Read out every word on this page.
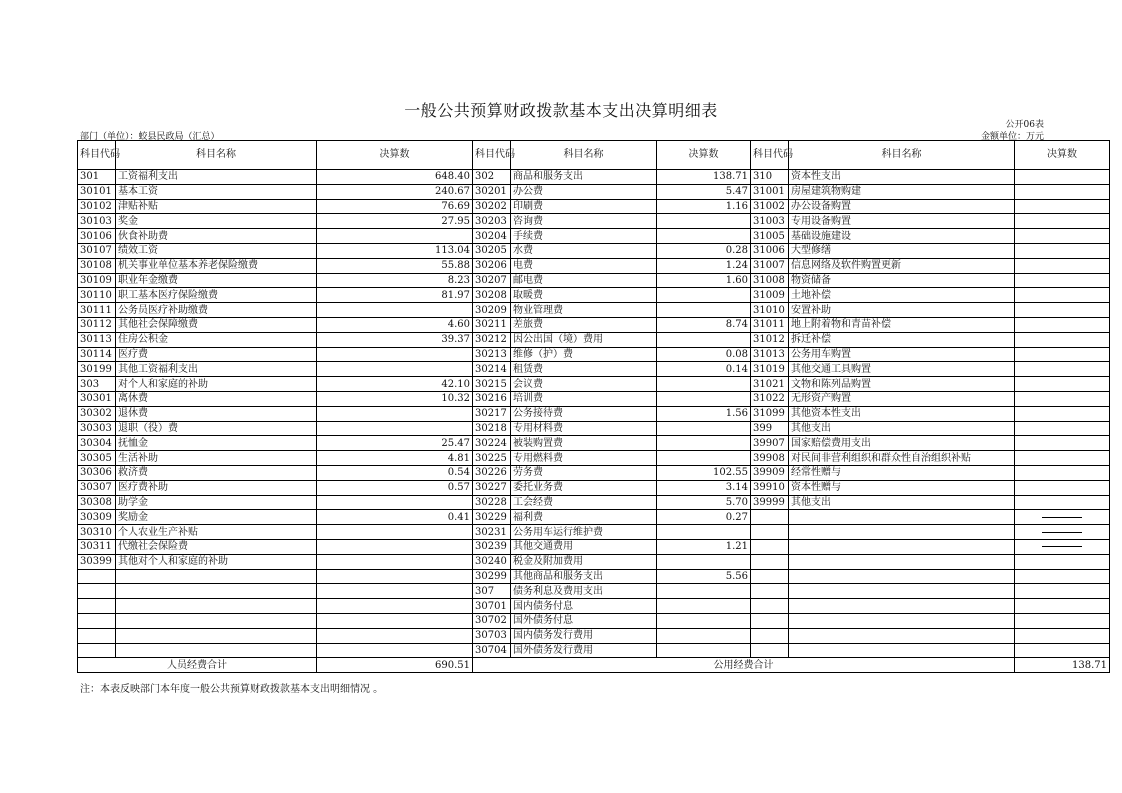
一般公共预算财政拨款基本支出决算明细表
公开06表
部门（单位）：蛟县民政局（汇总）	金额单位：万元
科目代码	科目名称	决算数	科目代码	科目名称	决算数	科目代码	科目名称	决算数
301	工资福利支出	648.40	302	商品和服务支出	138.71	310	资本性支出	
30101	基本工资	240.67	30201	办公费	5.47	31001	房屋建筑物购建	
30102	津贴补贴	76.69	30202	印刷费	1.16	31002	办公设备购置	
30103	奖金	27.95	30203	咨询费		31003	专用设备购置	
30106	伙食补助费		30204	手续费		31005	基础设施建设	
30107	绩效工资	113.04	30205	水费	0.28	31006	大型修缮	
30108	机关事业单位基本养老保险缴费	55.88	30206	电费	1.24	31007	信息网络及软件购置更新	
30109	职业年金缴费	8.23	30207	邮电费	1.60	31008	物资储备	
30110	职工基本医疗保险缴费	81.97	30208	取暖费		31009	土地补偿	
30111	公务员医疗补助缴费		30209	物业管理费		31010	安置补助	
30112	其他社会保障缴费	4.60	30211	差旅费	8.74	31011	地上附着物和青苗补偿	
30113	住房公积金	39.37	30212	因公出国（境）费用		31012	拆迁补偿	
30114	医疗费		30213	维修（护）费	0.08	31013	公务用车购置	
30199	其他工资福利支出		30214	租赁费	0.14	31019	其他交通工具购置	
303	对个人和家庭的补助	42.10	30215	会议费		31021	文物和陈列品购置	
30301	离休费	10.32	30216	培训费		31022	无形资产购置	
30302	退休费		30217	公务接待费	1.56	31099	其他资本性支出	
30303	退职（役）费		30218	专用材料费		399	其他支出	
30304	抚恤金	25.47	30224	被装购置费		39907	国家赔偿费用支出	
30305	生活补助	4.81	30225	专用燃料费		39908	对民间非营利组织和群众性自治组织补贴	
30306	救济费	0.54	30226	劳务费	102.55	39909	经常性赠与	
30307	医疗费补助	0.57	30227	委托业务费	3.14	39910	资本性赠与	
30308	助学金		30228	工会经费	5.70	39999	其他支出	
30309	奖励金	0.41	30229	福利费	0.27			
30310	个人农业生产补贴		30231	公务用车运行维护费				
30311	代缴社会保险费		30239	其他交通费用	1.21			
30399	其他对个人和家庭的补助		30240	税金及附加费用				
			30299	其他商品和服务支出	5.56			
			307	债务利息及费用支出				
			30701	国内债务付息				
			30702	国外债务付息				
			30703	国内债务发行费用				
			30704	国外债务发行费用				
人员经费合计		690.51	公用经费合计					138.71
注：本表反映部门本年度一般公共预算财政拨款基本支出明细情况 。
